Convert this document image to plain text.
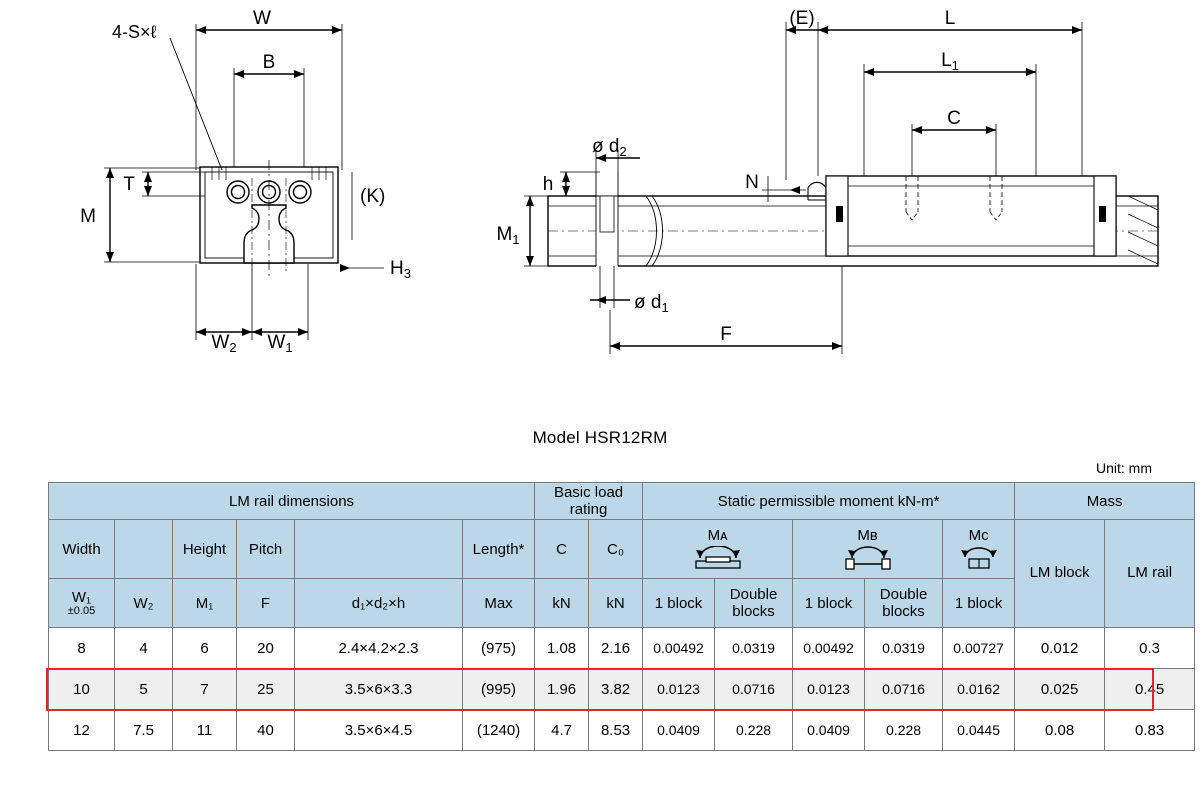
W
B
4-S×ℓ
T
M
(K)
$H_3$
$W_2$ $W_1$
(E)	L
$L_1$
C
N
h
$M_1$
ø $d_2$
ø $d_1$
F
Model HSR12RM
Unit: mm
LM rail dimensions						Basic load rating		Static permissible moment kN-m*					Mass	
Width		Height	Pitch		Length*	C	C₀	Mᴀ		Mʙ		Mᴄ	LM block	LM rail

W₁
±0.05	W₂	M₁	F	d₁×d₂×h	Max	kN	kN	1 block	Double blocks	1 block	Double blocks	1 block		
8	4	6	20	2.4×4.2×2.3	(975)	1.08	2.16	0.00492	0.0319	0.00492	0.0319	0.00727	0.012	0.3
10	5	7	25	3.5×6×3.3	(995)	1.96	3.82	0.0123	0.0716	0.0123	0.0716	0.0162	0.025	0.45
12	7.5	11	40	3.5×6×4.5	(1240)	4.7	8.53	0.0409	0.228	0.0409	0.228	0.0445	0.08	0.83
